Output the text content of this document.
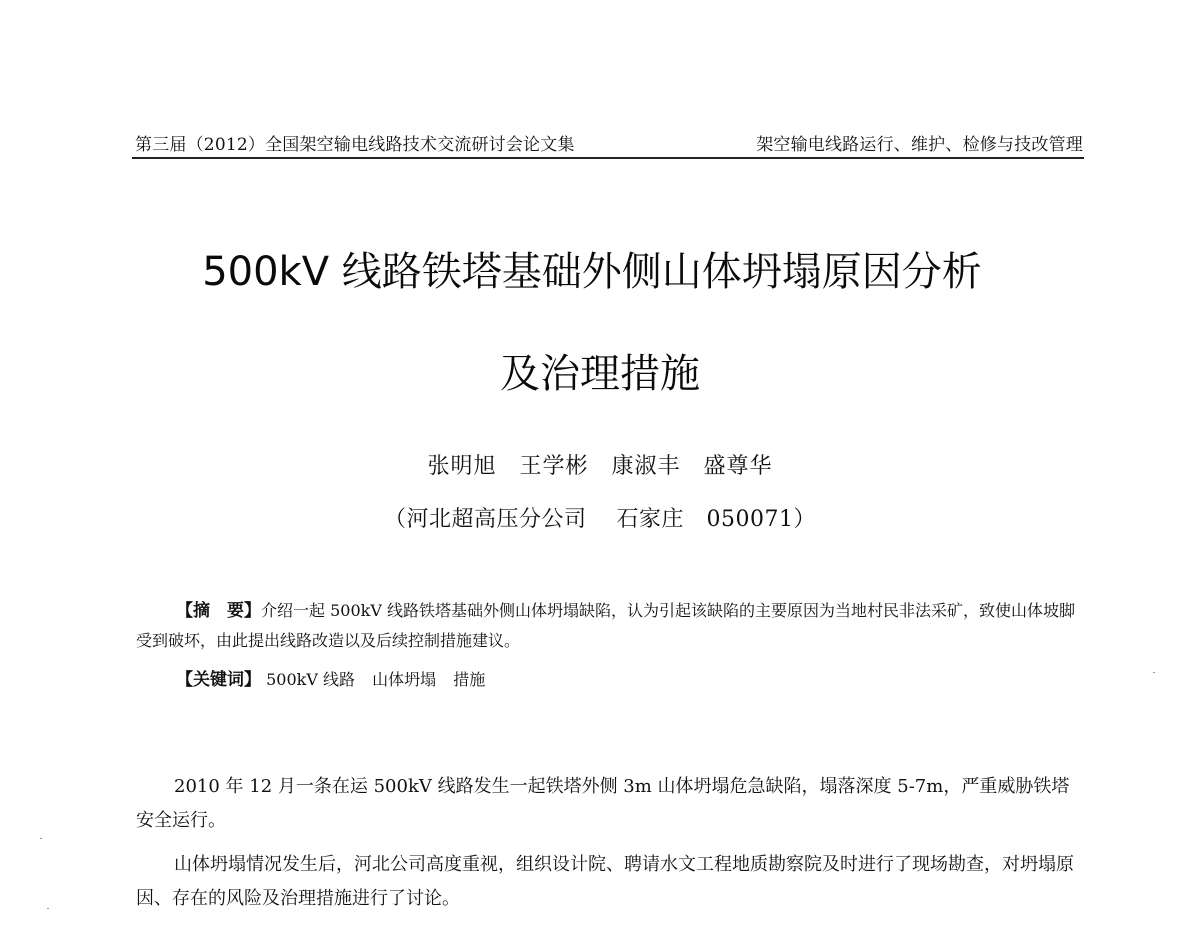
第三届（2012）全国架空输电线路技术交流研讨会论文集	架空输电线路运行、维护、检修与技改管理
500kV 线路铁塔基础外侧山体坍塌原因分析
及治理措施
张明旭　王学彬　康淑丰　盛尊华
（河北超高压分公司 石家庄 050071）
【摘　要】介绍一起 500kV 线路铁塔基础外侧山体坍塌缺陷，认为引起该缺陷的主要原因为当地村民非法采矿，致使山体坡脚受到破坏，由此提出线路改造以及后续控制措施建议。
【关键词】 500kV 线路 山体坍塌 措施
2010 年 12 月一条在运 500kV 线路发生一起铁塔外侧 3m 山体坍塌危急缺陷，塌落深度 5-7m，严重威胁铁塔安全运行。
山体坍塌情况发生后，河北公司高度重视，组织设计院、聘请水文工程地质勘察院及时进行了现场勘查，对坍塌原因、存在的风险及治理措施进行了讨论。
